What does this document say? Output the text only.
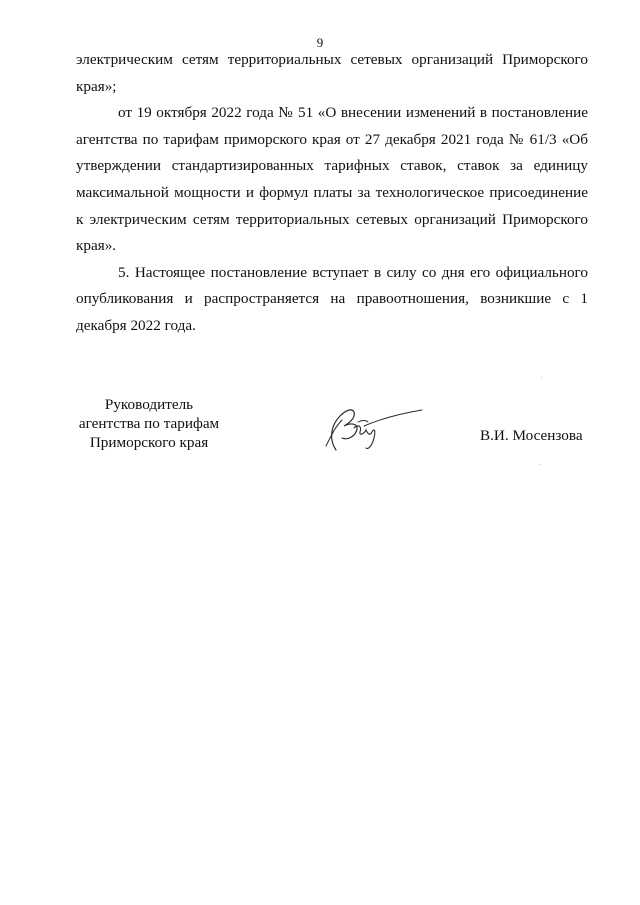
9

электрическим сетям территориальных сетевых организаций Приморского края»;

от 19 октября 2022 года № 51 «О внесении изменений в постановление агентства по тарифам приморского края от 27 декабря 2021 года № 61/3 «Об утверждении стандартизированных тарифных ставок, ставок за единицу максимальной мощности и формул платы за технологическое присоединение к электрическим сетям территориальных сетевых организаций Приморского края».

5. Настоящее постановление вступает в силу со дня его официального опубликования и распространяется на правоотношения, возникшие с 1 декабря 2022 года.

Руководитель
агентства по тарифам
Приморского края	В.И. Мосензова
